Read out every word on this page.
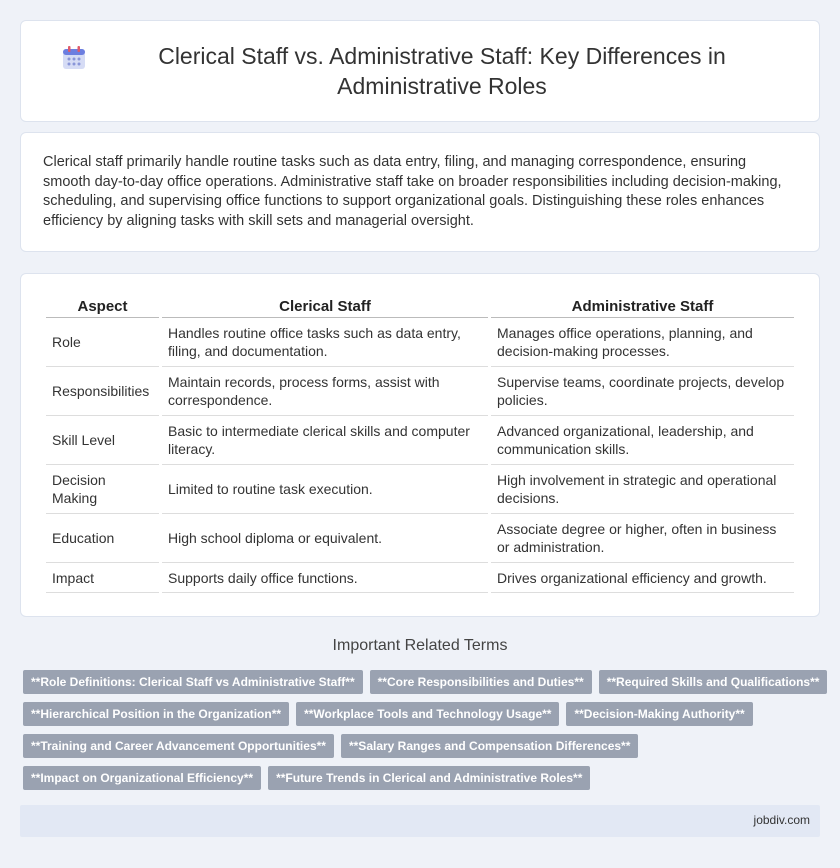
Clerical Staff vs. Administrative Staff: Key Differences in Administrative Roles

Clerical staff primarily handle routine tasks such as data entry, filing, and managing correspondence, ensuring smooth day-to-day office operations. Administrative staff take on broader responsibilities including decision-making, scheduling, and supervising office functions to support organizational goals. Distinguishing these roles enhances efficiency by aligning tasks with skill sets and managerial oversight.

Aspect	Clerical Staff	Administrative Staff
Role	Handles routine office tasks such as data entry, filing, and documentation.	Manages office operations, planning, and decision-making processes.
Responsibilities	Maintain records, process forms, assist with correspondence.	Supervise teams, coordinate projects, develop policies.
Skill Level	Basic to intermediate clerical skills and computer literacy.	Advanced organizational, leadership, and communication skills.
Decision Making	Limited to routine task execution.	High involvement in strategic and operational decisions.
Education	High school diploma or equivalent.	Associate degree or higher, often in business or administration.
Impact	Supports daily office functions.	Drives organizational efficiency and growth.
Important Related Terms
**Role Definitions: Clerical Staff vs Administrative Staff**	**Core Responsibilities and Duties**	**Required Skills and Qualifications**
**Hierarchical Position in the Organization**	**Workplace Tools and Technology Usage**	**Decision-Making Authority**
**Training and Career Advancement Opportunities**	**Salary Ranges and Compensation Differences**
**Impact on Organizational Efficiency**	**Future Trends in Clerical and Administrative Roles**
jobdiv.com
